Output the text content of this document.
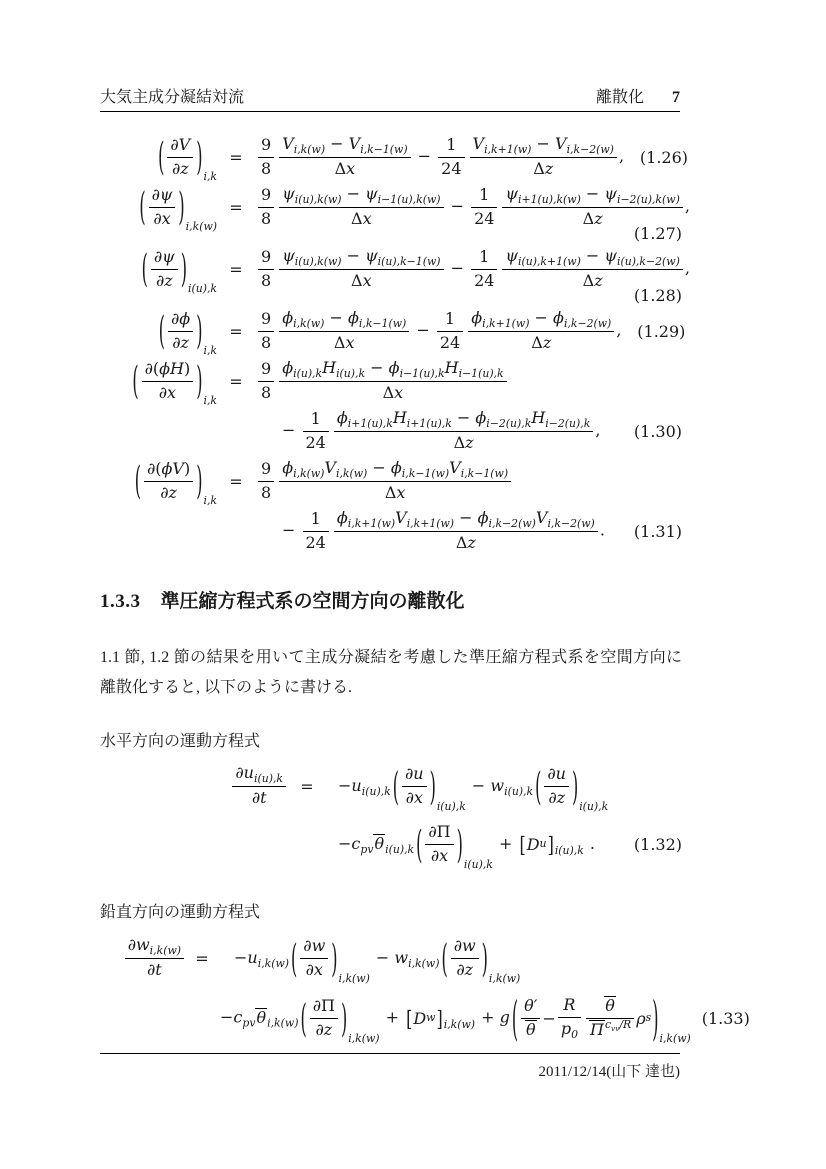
大気主成分凝結対流	離散化 7
( $\frac{\partial V}{\partial z}$ ) $_{i,k}$
= $\frac{9}{8} \frac{V_{i,k(w)} - V_{i,k-1(w)}}{\Delta x} - \frac{1}{24} \frac{V_{i,k+1(w)} - V_{i,k-2(w)}}{\Delta z}$ , (1.26)
( $\frac{\partial\psi}{\partial x}$ ) $_{i,k(w)}$
= $\frac{9}{8} \frac{\psi_{i(u),k(w)} - \psi_{i-1(u),k(w)}}{\Delta x} - \frac{1}{24} \frac{\psi_{i+1(u),k(w)} - \psi_{i-2(u),k(w)}}{\Delta z}$ ,
(1.27)
( $\frac{\partial\psi}{\partial z}$ ) $_{i(u),k}$
= $\frac{9}{8} \frac{\psi_{i(u),k(w)} - \psi_{i(u),k-1(w)}}{\Delta x} - \frac{1}{24} \frac{\psi_{i(u),k+1(w)} - \psi_{i(u),k-2(w)}}{\Delta z}$ ,
(1.28)
( $\frac{\partial\phi}{\partial z}$ ) $_{i,k}$
= $\frac{9}{8} \frac{\phi_{i,k(w)} - \phi_{i,k-1(w)}}{\Delta x} - \frac{1}{24} \frac{\phi_{i,k+1(w)} - \phi_{i,k-2(w)}}{\Delta z}$ , (1.29)
( $\frac{\partial(\phi H)}{\partial x}$ ) $_{i,k}$
= $\frac{9}{8} \phi_{i(u),k}H_{i(u),k} - \phi_{i-1(u),k}H_{i-1(u),k}$
Δx
− $\frac{1}{24} \phi_{i+1(u),k}H_{i+1(u),k} - \phi_{i-2(u),k}H_{i-2(u),k}$
Δz
,	(1.30)
( $\frac{\partial(\phi V)}{\partial z}$ ) $_{i,k}$
= $\frac{9}{8} \frac{\phi_{i,k(w)}V_{i,k(w)} - \phi_{i,k-1(w)}V_{i,k-1(w)}}{\Delta x}$
− $\frac{1}{24} \frac{\phi_{i,k+1(w)}V_{i,k+1(w)} - \phi_{i,k-2(w)}V_{i,k-2(w)}}{\Delta z}$ .	(1.31)
1.3.3 準圧縮方程式系の空間方向の離散化

1.1 節, 1.2 節の結果を用いて主成分凝結を考慮した準圧縮方程式系を空間方向に離散化すると, 以下のように書ける.

水平方向の運動方程式

$\frac{\partial u_{i(u),k}}{\partial t}$ =	$-u_{i(u),k}$ ( $\frac{\partial u}{\partial x}$ ) $_{i(u),k}$
− $w_{i(u),k}$ ( $\frac{\partial u}{\partial z}$ ) $_{i(u),k}$
$-c_{pv}\theta_{i(u),k}$ ( $\frac{\partial\Pi}{\partial x}$ ) $_{i(u),k}$
+ [ D u ] $_{i(u),k}$ .	(1.32)

鉛直方向の運動方程式

$\frac{\partial w_{i,k(w)}}{\partial t}$ =	$-u_{i,k(w)}$ ( $\frac{\partial w}{\partial x}$ ) $_{i,k(w)}$
− $w_{i,k(w)}$ ( $\frac{\partial w}{\partial z}$ ) $_{i,k(w)}$
$-c_{pv}\theta_{i,k(w)}$ ( $\frac{\partial\Pi}{\partial z}$ ) $_{i,k(w)}$
+ [ D w ] $_{i,k(w)}$ + g ( $\frac{\theta'}{\theta} - \frac{R}{p_0}$	θ
$\Pi^{c_{vv}/R}$ ρ s ) $_{i,k(w)}$
(1.33)
2011/12/14(山下 達也)
